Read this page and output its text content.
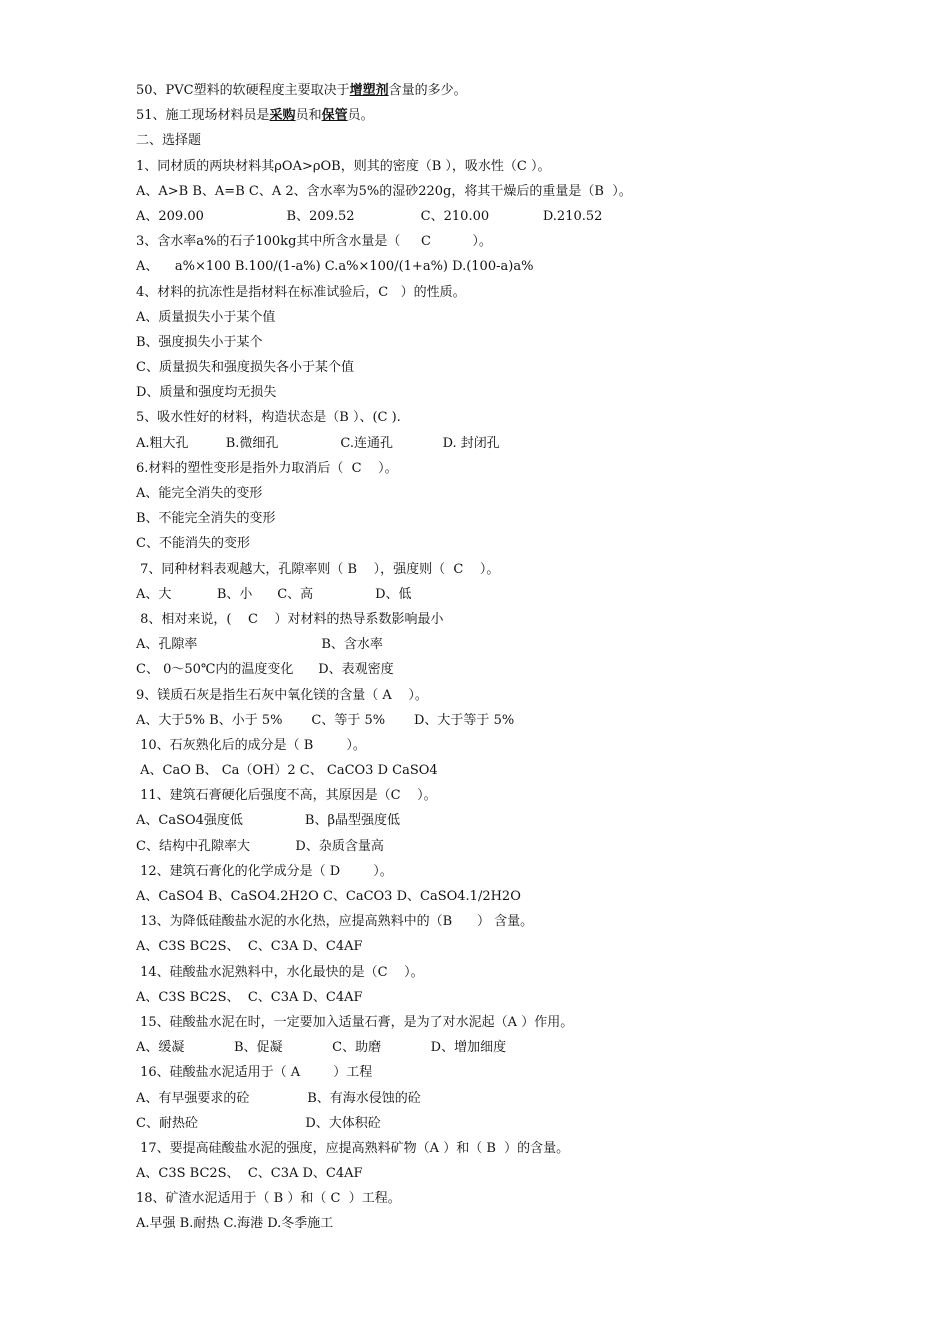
50、PVC塑料的软硬程度主要取决于增塑剂含量的多少。
51、施工现场材料员是采购员和保管员。
二、选择题
1、同材质的两块材料其ρOA>ρOB，则其的密度（B ），吸水性（C ）。
A、A>B B、A=B C、A 2、含水率为5%的湿砂220g，将其干燥后的重量是（B  ）。
A、209.00                    B、209.52                C、210.00             D.210.52
3、含水率a%的石子100kg其中所含水量是（     C          ）。
A、    a%×100 B.100/(1-a%) C.a%×100/(1+a%) D.(100-a)a%
4、材料的抗冻性是指材料在标准试验后，C   ）的性质。
A、质量损失小于某个值
B、强度损失小于某个
C、质量损失和强度损失各小于某个值
D、质量和强度均无损失
5、吸水性好的材料，构造状态是（B ）、(C ).
A.粗大孔         B.微细孔               C.连通孔            D. 封闭孔
6.材料的塑性变形是指外力取消后（  C    ）。
A、能完全消失的变形
B、不能完全消失的变形
C、不能消失的变形
7、同种材料表观越大，孔隙率则（ B    ），强度则（  C    ）。
A、大           B、小      C、高               D、低
8、相对来说，(    C    ）对材料的热导系数影响最小
A、孔隙率                              B、含水率
C、 0～50℃内的温度变化      D、表观密度
9、镁质石灰是指生石灰中氧化镁的含量（ A    ）。
A、大于5% B、小于 5%       C、等于 5%       D、大于等于 5%
10、石灰熟化后的成分是（ B        ）。
A、CaO B、 Ca（OH）2 C、 CaCO3 D CaSO4
11、建筑石膏硬化后强度不高，其原因是（C    ）。
A、CaSO4强度低               B、β晶型强度低
C、结构中孔隙率大           D、杂质含量高
12、建筑石膏化的化学成分是（ D        ）。
A、CaSO4 B、CaSO4.2H2O C、CaCO3 D、CaSO4.1/2H2O
13、为降低硅酸盐水泥的水化热，应提高熟料中的（B      ） 含量。
A、C3S BC2S、  C、C3A D、C4AF
14、硅酸盐水泥熟料中，水化最快的是（C    ）。
A、C3S BC2S、  C、C3A D、C4AF
15、硅酸盐水泥在时，一定要加入适量石膏，是为了对水泥起（A ）作用。
A、缓凝            B、促凝            C、助磨            D、增加细度
16、硅酸盐水泥适用于（ A        ）工程
A、有早强要求的砼              B、有海水侵蚀的砼
C、耐热砼                          D、大体积砼
17、要提高硅酸盐水泥的强度，应提高熟料矿物（A ）和（ B  ）的含量。
A、C3S BC2S、  C、C3A D、C4AF
18、矿渣水泥适用于（ B ）和（ C  ）工程。
A.早强 B.耐热 C.海港 D.冬季施工
